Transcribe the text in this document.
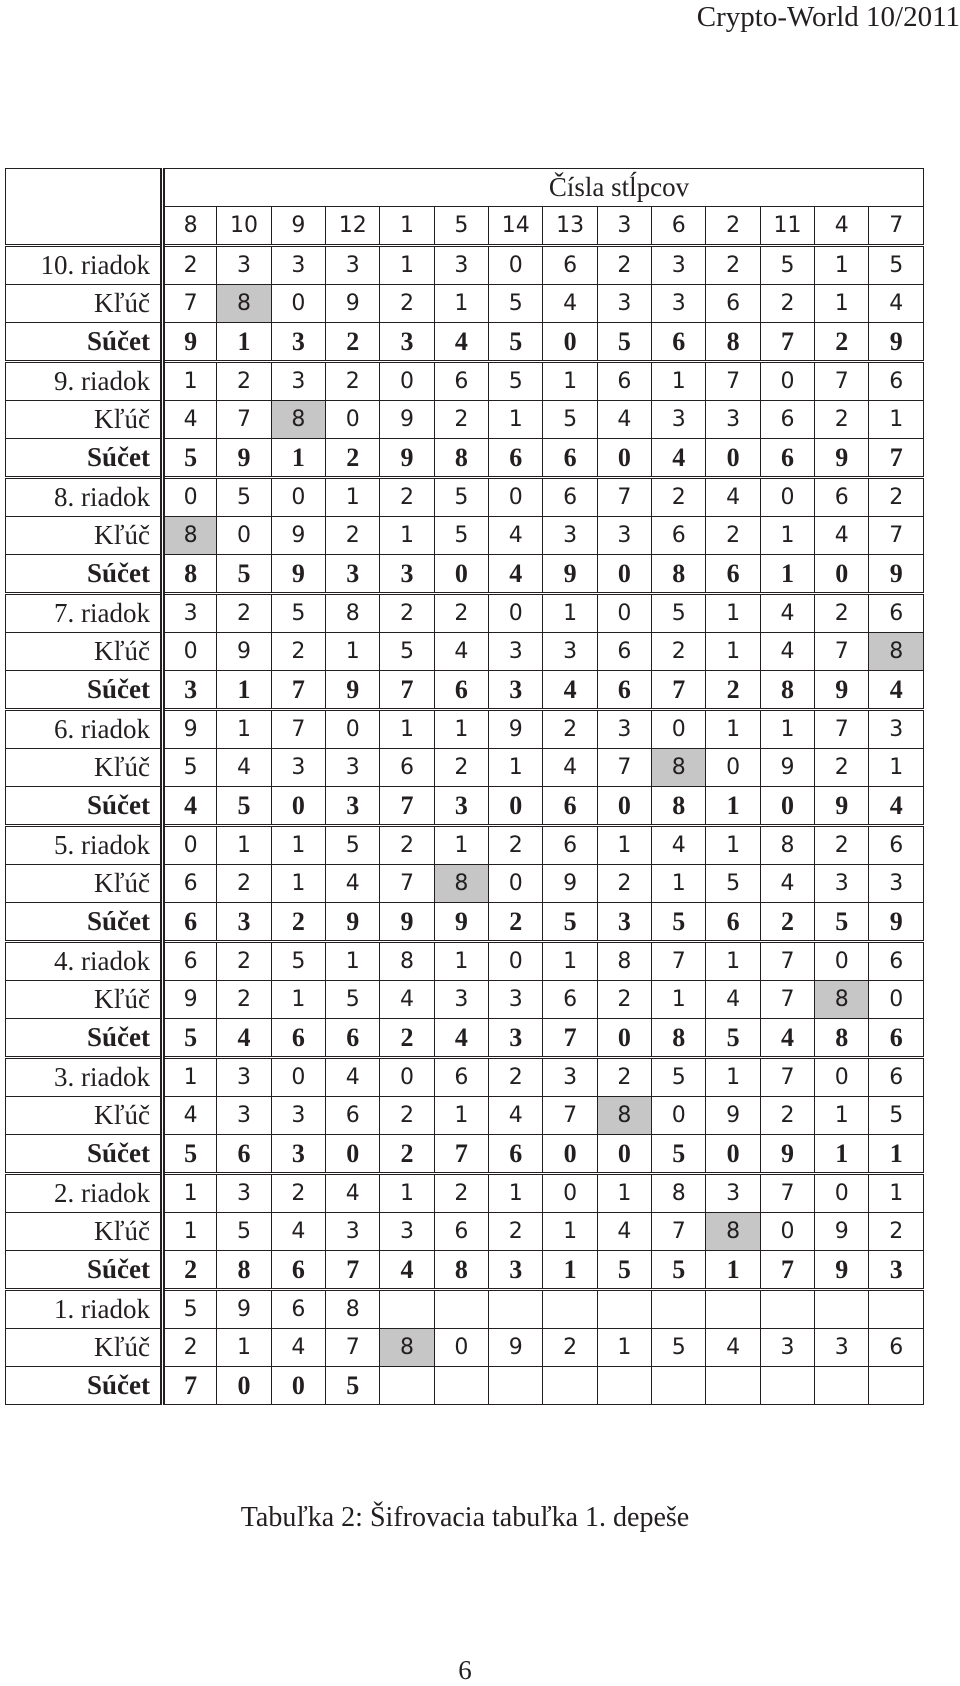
Crypto-World 10/2011
	Čísla stĺpcov													
	8	10	9	12	1	5	14	13	3	6	2	11	4	7
10. riadok	2	3	3	3	1	3	0	6	2	3	2	5	1	5
Kľúč	7	8	0	9	2	1	5	4	3	3	6	2	1	4
Súčet	9	1	3	2	3	4	5	0	5	6	8	7	2	9
9. riadok	1	2	3	2	0	6	5	1	6	1	7	0	7	6
Kľúč	4	7	8	0	9	2	1	5	4	3	3	6	2	1
Súčet	5	9	1	2	9	8	6	6	0	4	0	6	9	7
8. riadok	0	5	0	1	2	5	0	6	7	2	4	0	6	2
Kľúč	8	0	9	2	1	5	4	3	3	6	2	1	4	7
Súčet	8	5	9	3	3	0	4	9	0	8	6	1	0	9
7. riadok	3	2	5	8	2	2	0	1	0	5	1	4	2	6
Kľúč	0	9	2	1	5	4	3	3	6	2	1	4	7	8
Súčet	3	1	7	9	7	6	3	4	6	7	2	8	9	4
6. riadok	9	1	7	0	1	1	9	2	3	0	1	1	7	3
Kľúč	5	4	3	3	6	2	1	4	7	8	0	9	2	1
Súčet	4	5	0	3	7	3	0	6	0	8	1	0	9	4
5. riadok	0	1	1	5	2	1	2	6	1	4	1	8	2	6
Kľúč	6	2	1	4	7	8	0	9	2	1	5	4	3	3
Súčet	6	3	2	9	9	9	2	5	3	5	6	2	5	9
4. riadok	6	2	5	1	8	1	0	1	8	7	1	7	0	6
Kľúč	9	2	1	5	4	3	3	6	2	1	4	7	8	0
Súčet	5	4	6	6	2	4	3	7	0	8	5	4	8	6
3. riadok	1	3	0	4	0	6	2	3	2	5	1	7	0	6
Kľúč	4	3	3	6	2	1	4	7	8	0	9	2	1	5
Súčet	5	6	3	0	2	7	6	0	0	5	0	9	1	1
2. riadok	1	3	2	4	1	2	1	0	1	8	3	7	0	1
Kľúč	1	5	4	3	3	6	2	1	4	7	8	0	9	2
Súčet	2	8	6	7	4	8	3	1	5	5	1	7	9	3
1. riadok	5	9	6	8										
Kľúč	2	1	4	7	8	0	9	2	1	5	4	3	3	6
Súčet	7	0	0	5										
Tabuľka 2: Šifrovacia tabuľka 1. depeše
6
